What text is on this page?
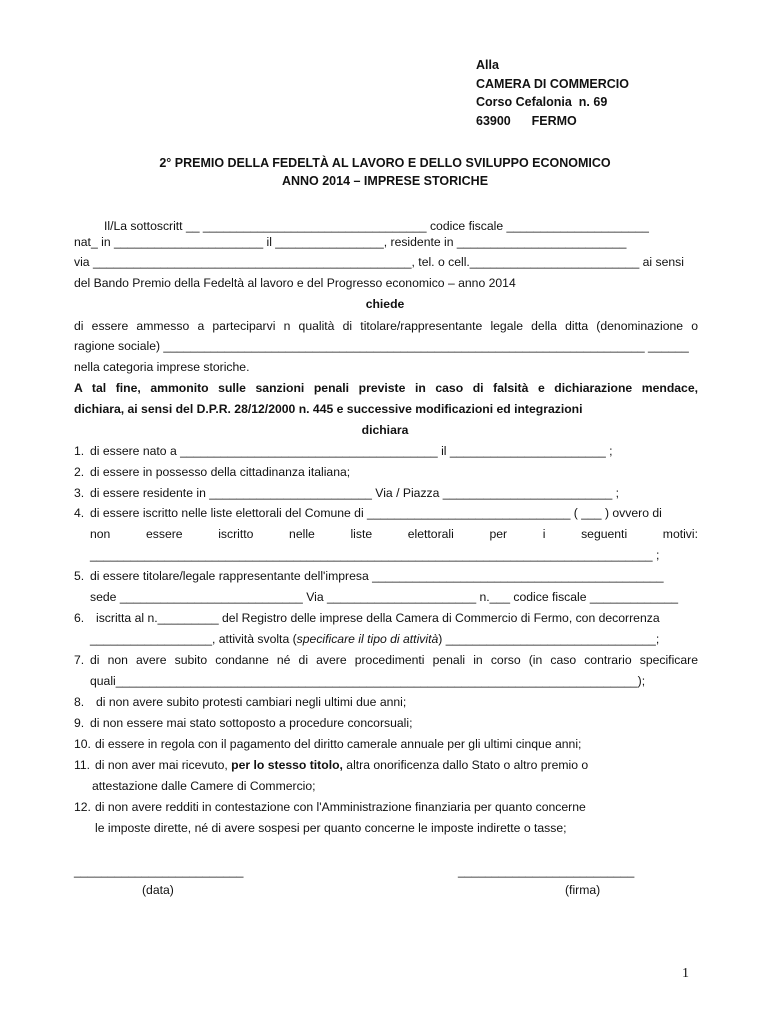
Alla
CAMERA DI COMMERCIO
Corso Cefalonia  n. 69
63900      FERMO
2° PREMIO DELLA FEDELTÀ AL LAVORO E DELLO SVILUPPO ECONOMICO
ANNO 2014 – IMPRESE STORICHE
Il/La sottoscritt __ _________________________________ codice fiscale _____________________
nat_ in ______________________ il ________________, residente in _________________________
via _______________________________________________, tel. o cell._________________________ ai sensi
del Bando Premio della Fedeltà al lavoro e del Progresso economico – anno 2014
chiede
di essere ammesso a parteciparvi n qualità di titolare/rappresentante legale della ditta (denominazione o
ragione sociale) _______________________________________________________________________ ______
nella categoria imprese storiche.
A tal fine, ammonito sulle sanzioni penali previste in caso di falsità e dichiarazione mendace,
dichiara, ai sensi del D.P.R. 28/12/2000 n. 445 e successive modificazioni ed integrazioni
dichiara
1. di essere nato a ______________________________________ il _______________________ ;
2. di essere in possesso della cittadinanza italiana;
3. di essere residente in ________________________ Via / Piazza _________________________ ;
4. di essere iscritto nelle liste elettorali del Comune di ______________________________ ( ___ ) ovvero di
non essere iscritto nelle liste elettorali per i seguenti motivi:
___________________________________________________________________________________ ;
5. di essere titolare/legale rappresentante dell'impresa ___________________________________________
sede ___________________________ Via ______________________ n.___ codice fiscale _____________
6. iscritta al n._________ del Registro delle imprese della Camera di Commercio di Fermo, con decorrenza
__________________, attività svolta (specificare il tipo di attività) _______________________________;
7. di non avere subito condanne né di avere procedimenti penali in corso (in caso contrario specificare
quali_____________________________________________________________________________);
8. di non avere subito protesti cambiari negli ultimi due anni;
9. di non essere mai stato sottoposto a procedure concorsuali;
10. di essere in regola con il pagamento del diritto camerale annuale per gli ultimi cinque anni;
11. di non aver mai ricevuto, per lo stesso titolo, altra onorificenza dallo Stato o altro premio o
attestazione dalle Camere di Commercio;
12. di non avere redditi in contestazione con l'Amministrazione finanziaria per quanto concerne
le imposte dirette, né di avere sospesi per quanto concerne le imposte indirette o tasse;
_________________________
(data)
__________________________
(firma)
1
